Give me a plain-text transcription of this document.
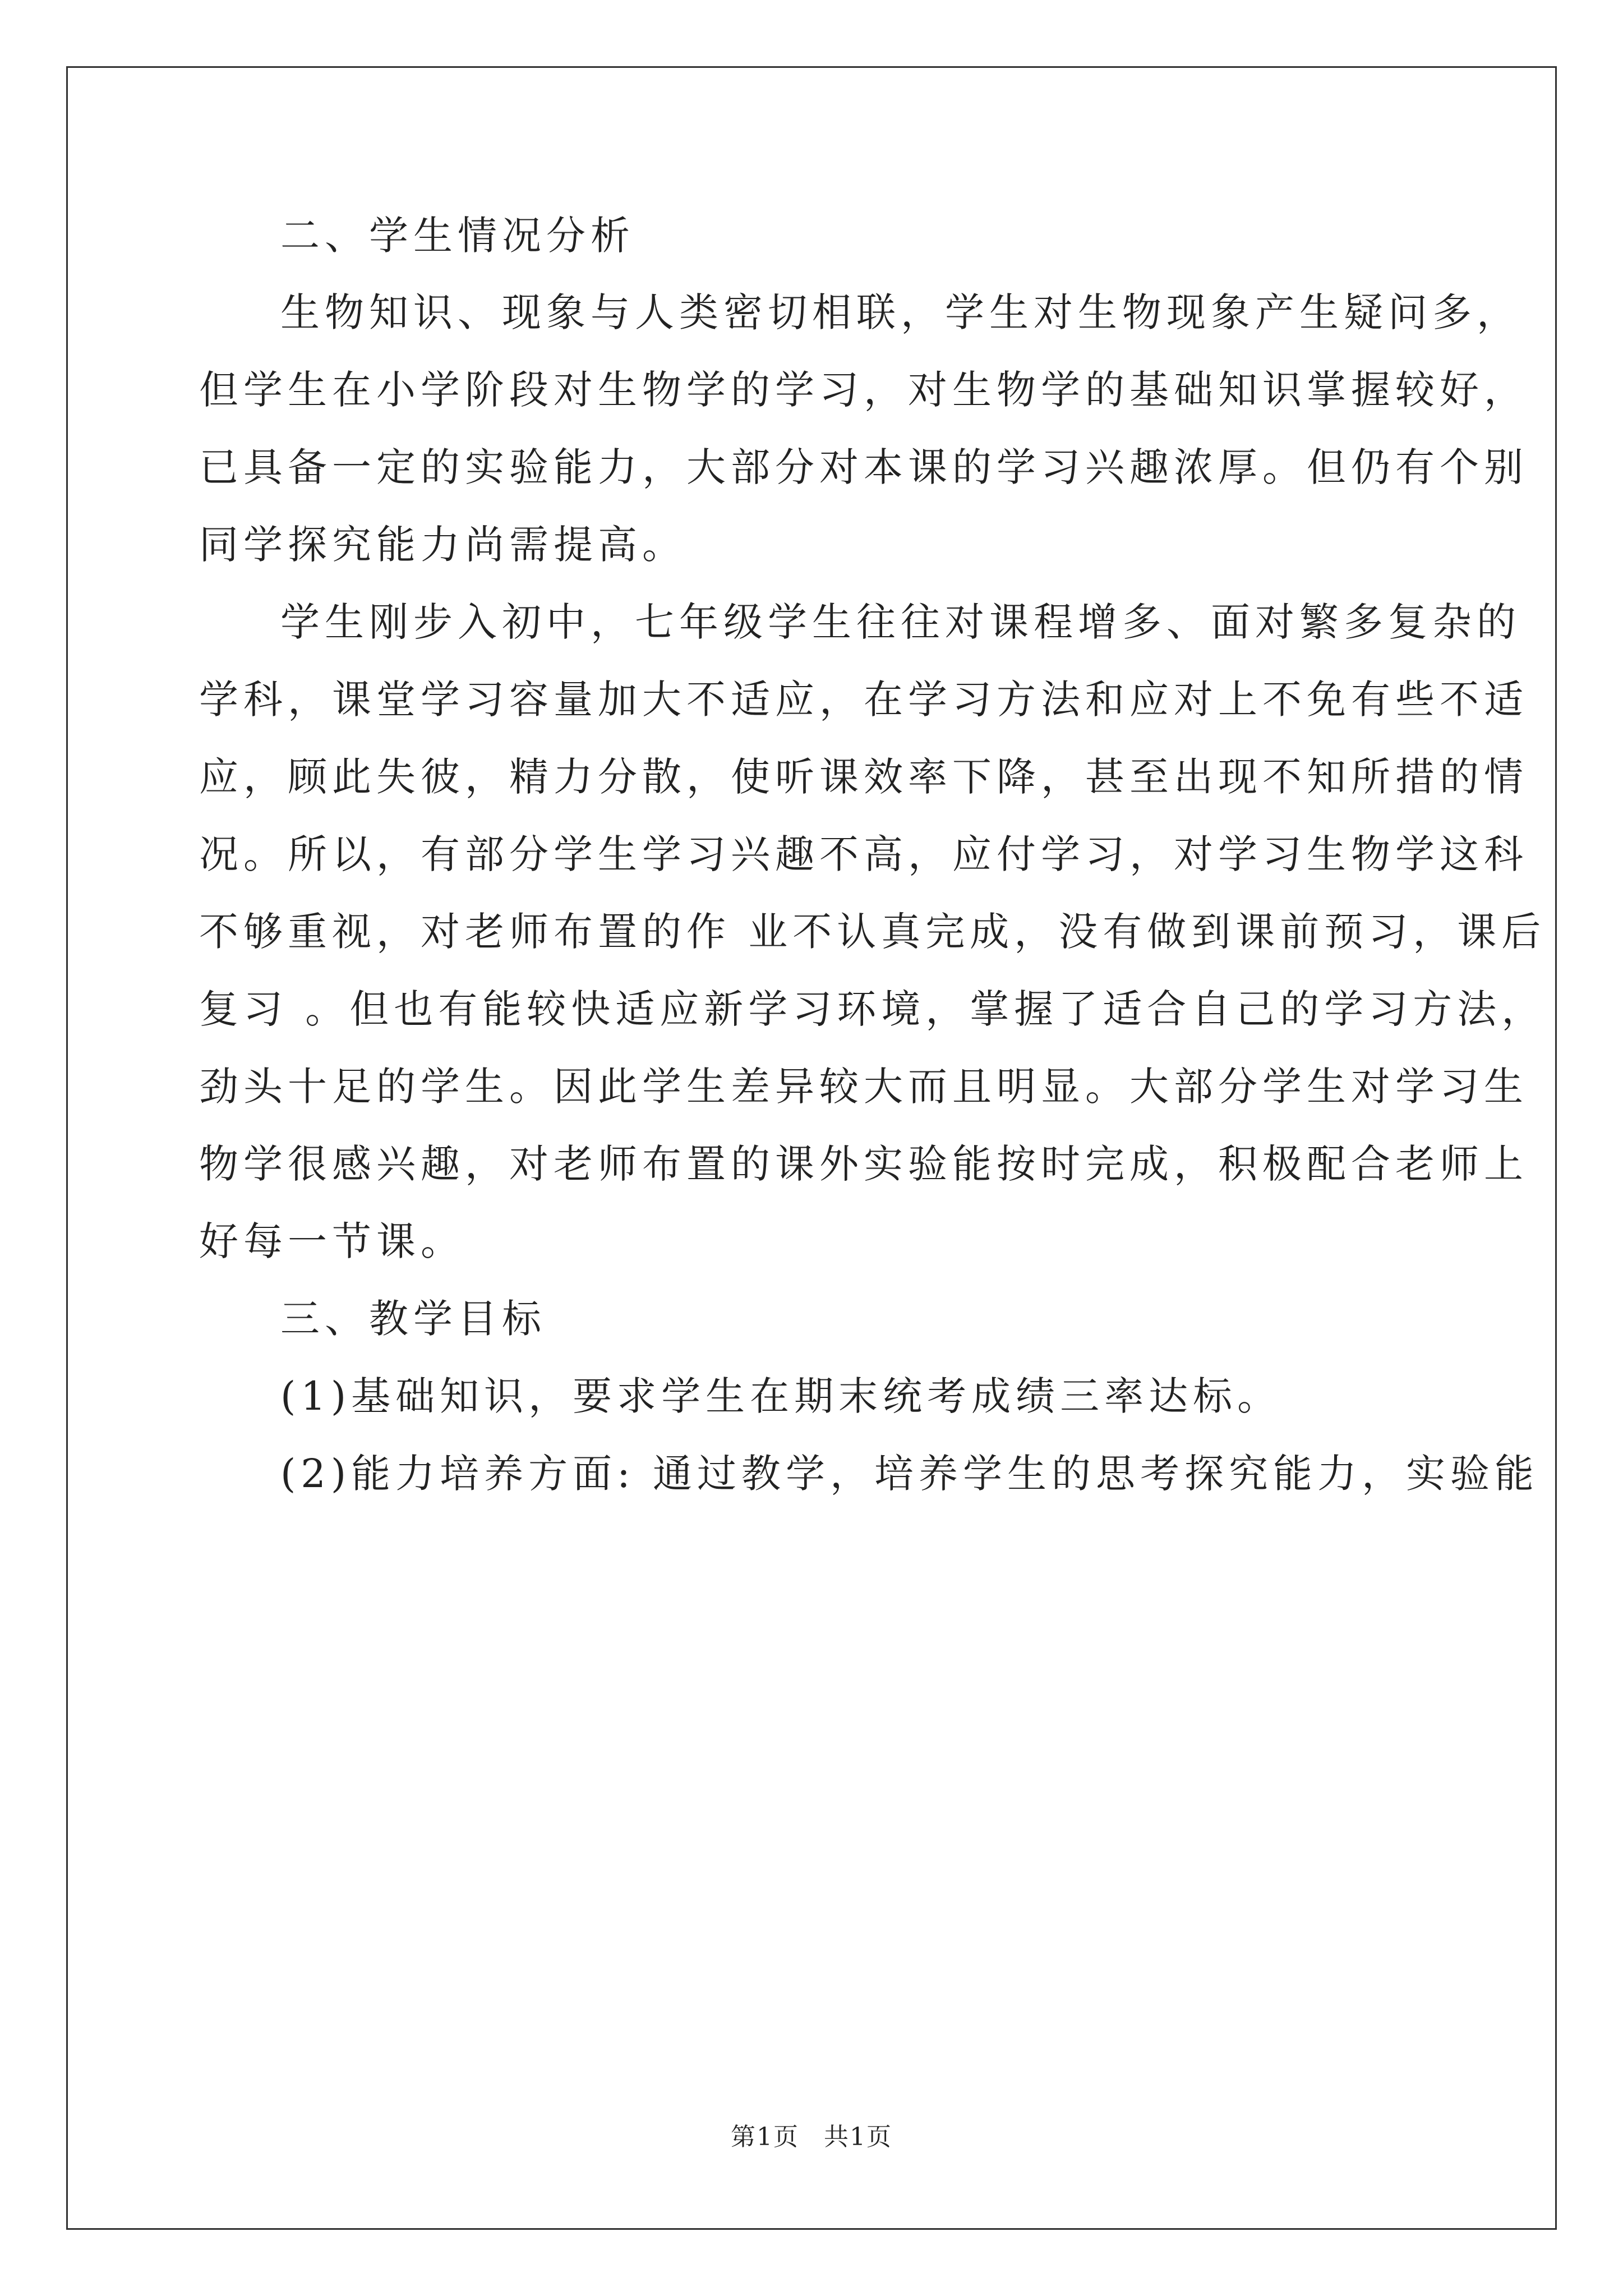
二、学生情况分析
生物知识、现象与人类密切相联，学生对生物现象产生疑问多，
但学生在小学阶段对生物学的学习，对生物学的基础知识掌握较好，
已具备一定的实验能力，大部分对本课的学习兴趣浓厚。但仍有个别
同学探究能力尚需提高。
学生刚步入初中，七年级学生往往对课程增多、面对繁多复杂的
学科，课堂学习容量加大不适应，在学习方法和应对上不免有些不适
应，顾此失彼，精力分散，使听课效率下降，甚至出现不知所措的情
况。所以，有部分学生学习兴趣不高，应付学习，对学习生物学这科
不够重视，对老师布置的作 业不认真完成，没有做到课前预习，课后
复习 。但也有能较快适应新学习环境，掌握了适合自己的学习方法，
劲头十足的学生。因此学生差异较大而且明显。大部分学生对学习生
物学很感兴趣，对老师布置的课外实验能按时完成，积极配合老师上
好每一节课。
三、教学目标
(1)基础知识，要求学生在期末统考成绩三率达标。
(2)能力培养方面: 通过教学，培养学生的思考探究能力，实验能
第1页 共1页
